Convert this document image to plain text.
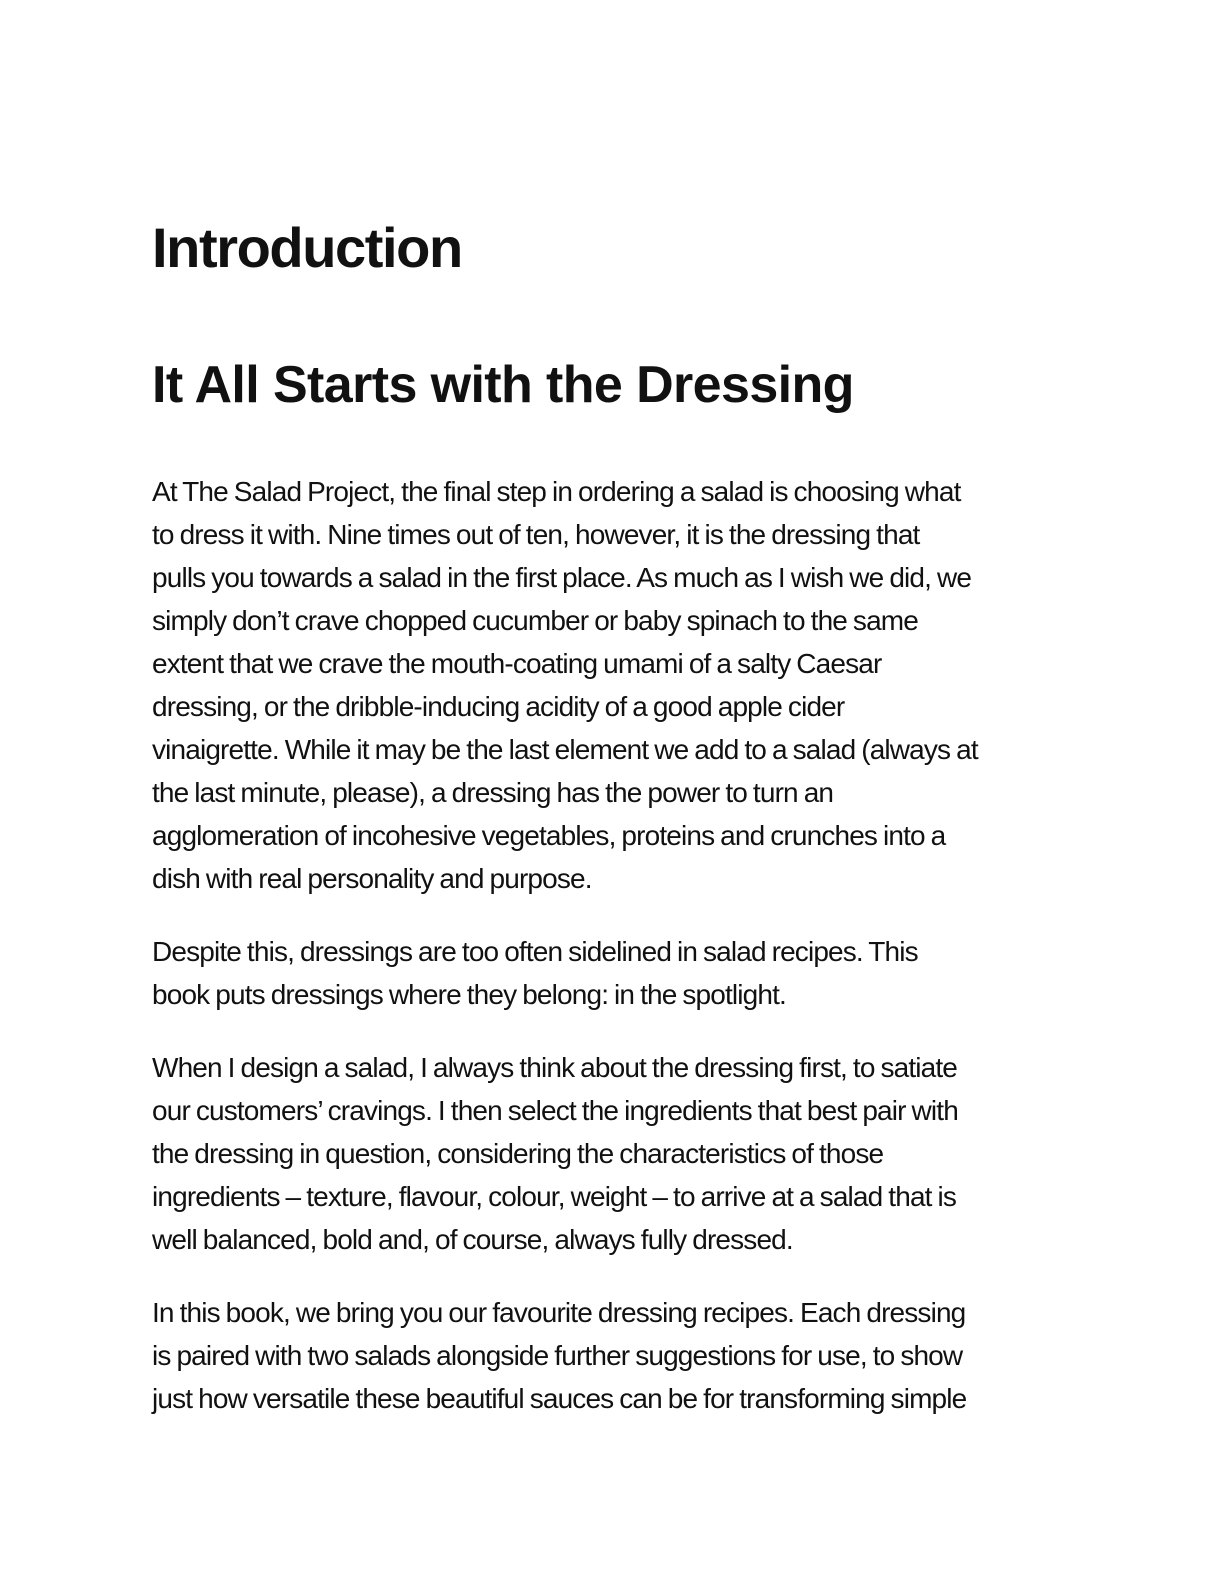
Introduction
It All Starts with the Dressing

At The Salad Project, the final step in ordering a salad is choosing what
to dress it with. Nine times out of ten, however, it is the dressing that
pulls you towards a salad in the first place. As much as I wish we did, we
simply don’t crave chopped cucumber or baby spinach to the same
extent that we crave the mouth-coating umami of a salty Caesar
dressing, or the dribble-inducing acidity of a good apple cider
vinaigrette. While it may be the last element we add to a salad (always at
the last minute, please), a dressing has the power to turn an
agglomeration of incohesive vegetables, proteins and crunches into a
dish with real personality and purpose.

Despite this, dressings are too often sidelined in salad recipes. This
book puts dressings where they belong: in the spotlight.

When I design a salad, I always think about the dressing first, to satiate
our customers’ cravings. I then select the ingredients that best pair with
the dressing in question, considering the characteristics of those
ingredients – texture, flavour, colour, weight – to arrive at a salad that is
well balanced, bold and, of course, always fully dressed.

In this book, we bring you our favourite dressing recipes. Each dressing
is paired with two salads alongside further suggestions for use, to show
just how versatile these beautiful sauces can be for transforming simple
